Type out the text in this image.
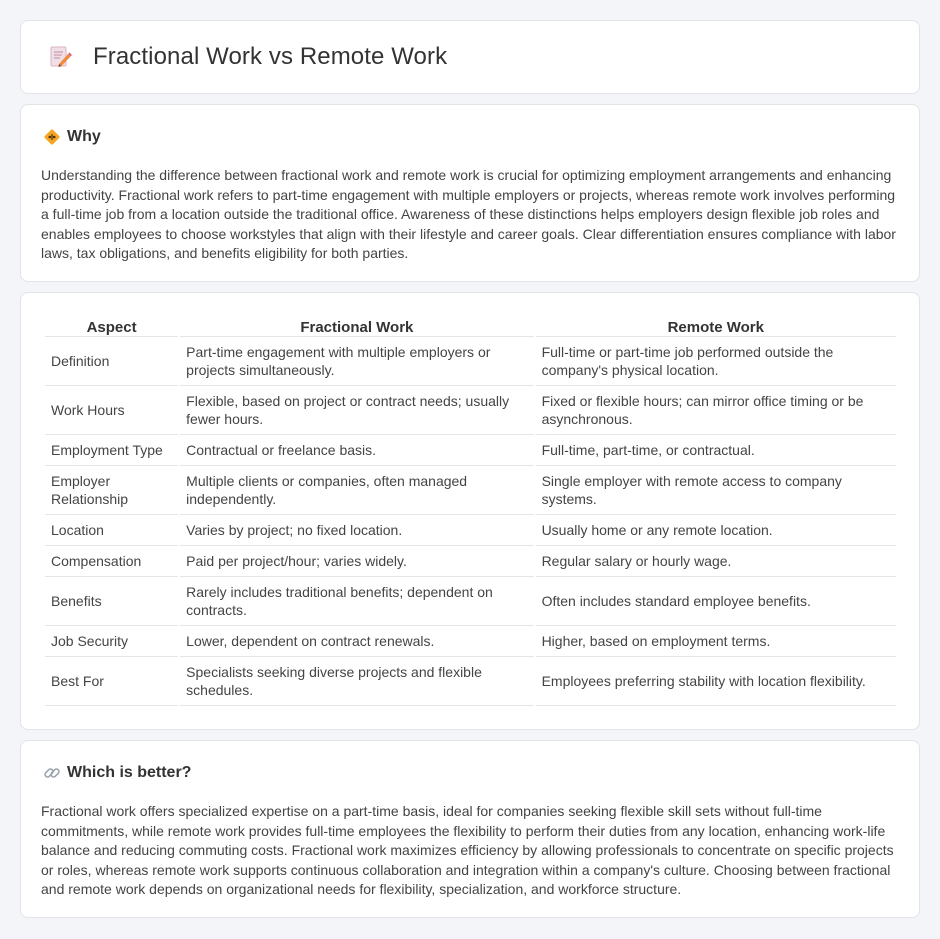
Fractional Work vs Remote Work
Why

Understanding the difference between fractional work and remote work is crucial for optimizing employment arrangements and enhancing productivity. Fractional work refers to part-time engagement with multiple employers or projects, whereas remote work involves performing a full-time job from a location outside the traditional office. Awareness of these distinctions helps employers design flexible job roles and enables employees to choose workstyles that align with their lifestyle and career goals. Clear differentiation ensures compliance with labor laws, tax obligations, and benefits eligibility for both parties.

Aspect	Fractional Work	Remote Work
Definition	Part-time engagement with multiple employers or projects simultaneously.	Full-time or part-time job performed outside the company's physical location.
Work Hours	Flexible, based on project or contract needs; usually fewer hours.	Fixed or flexible hours; can mirror office timing or be asynchronous.
Employment Type	Contractual or freelance basis.	Full-time, part-time, or contractual.
Employer Relationship	Multiple clients or companies, often managed independently.	Single employer with remote access to company systems.
Location	Varies by project; no fixed location.	Usually home or any remote location.
Compensation	Paid per project/hour; varies widely.	Regular salary or hourly wage.
Benefits	Rarely includes traditional benefits; dependent on contracts.	Often includes standard employee benefits.
Job Security	Lower, dependent on contract renewals.	Higher, based on employment terms.
Best For	Specialists seeking diverse projects and flexible schedules.	Employees preferring stability with location flexibility.
Which is better?

Fractional work offers specialized expertise on a part-time basis, ideal for companies seeking flexible skill sets without full-time commitments, while remote work provides full-time employees the flexibility to perform their duties from any location, enhancing work-life balance and reducing commuting costs. Fractional work maximizes efficiency by allowing professionals to concentrate on specific projects or roles, whereas remote work supports continuous collaboration and integration within a company's culture. Choosing between fractional and remote work depends on organizational needs for flexibility, specialization, and workforce structure.
